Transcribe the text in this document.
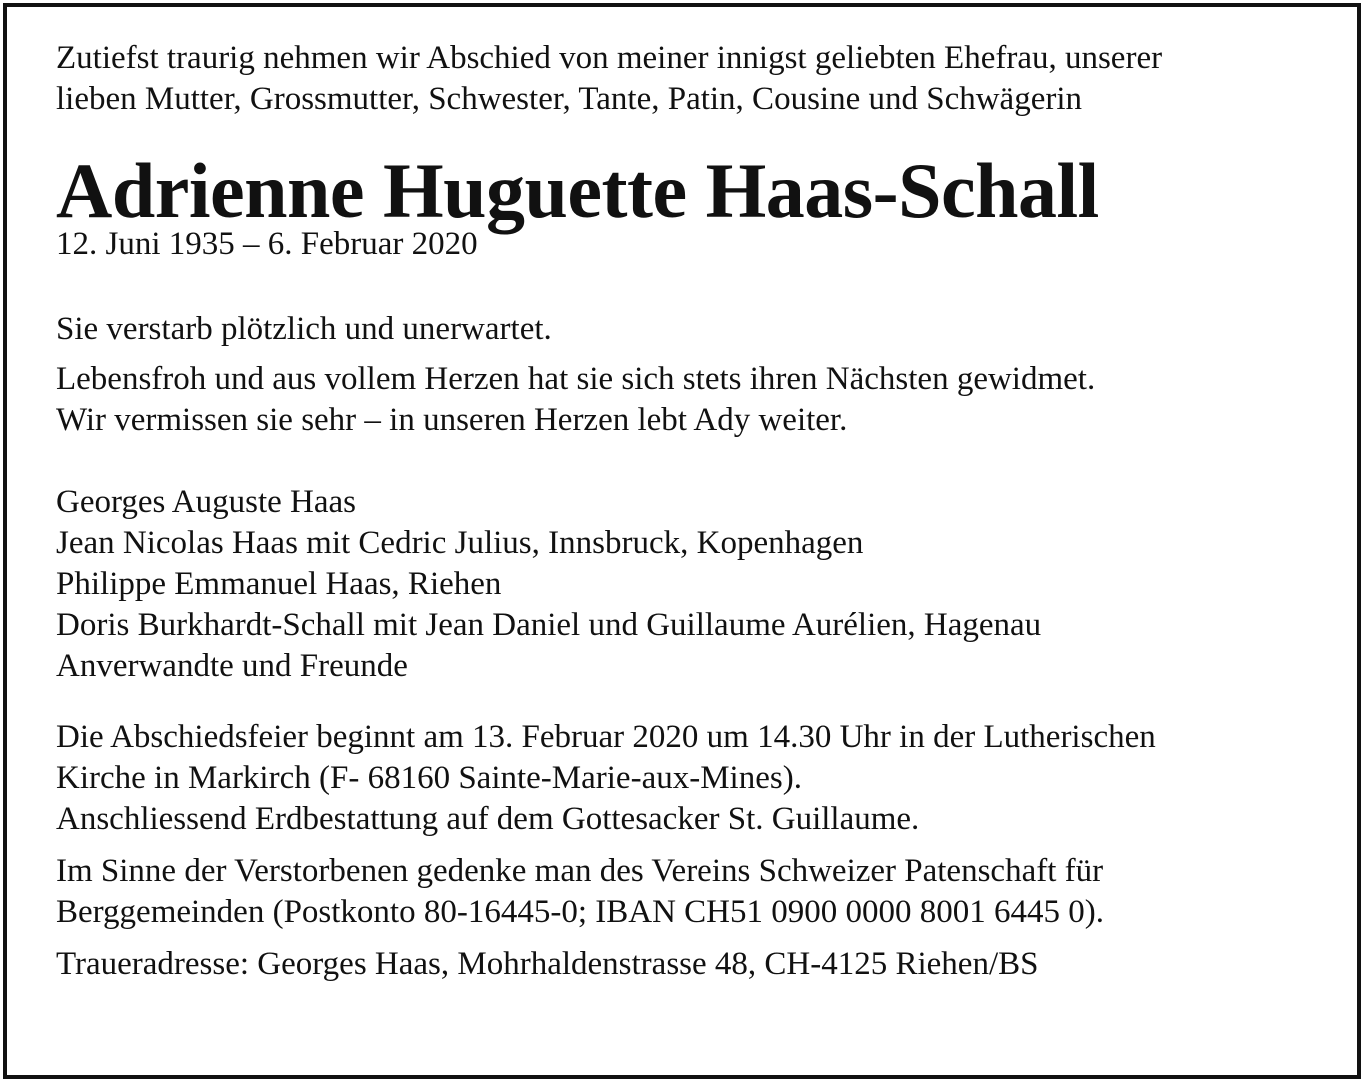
Zutiefst traurig nehmen wir Abschied von meiner innigst geliebten Ehefrau, unserer
lieben Mutter, Grossmutter, Schwester, Tante, Patin, Cousine und Schwägerin

Adrienne Huguette Haas-Schall

12. Juni 1935 – 6. Februar 2020

Sie verstarb plötzlich und unerwartet.

Lebensfroh und aus vollem Herzen hat sie sich stets ihren Nächsten gewidmet.
Wir vermissen sie sehr – in unseren Herzen lebt Ady weiter.

Georges Auguste Haas

Jean Nicolas Haas mit Cedric Julius, Innsbruck, Kopenhagen

Philippe Emmanuel Haas, Riehen

Doris Burkhardt-Schall mit Jean Daniel und Guillaume Aurélien, Hagenau

Anverwandte und Freunde

Die Abschiedsfeier beginnt am 13. Februar 2020 um 14.30 Uhr in der Lutherischen
Kirche in Markirch (F- 68160 Sainte-Marie-aux-Mines).
Anschliessend Erdbestattung auf dem Gottesacker St. Guillaume.

Im Sinne der Verstorbenen gedenke man des Vereins Schweizer Patenschaft für
Berggemeinden (Postkonto 80-16445-0; IBAN CH51 0900 0000 8001 6445 0).

Traueradresse: Georges Haas, Mohrhaldenstrasse 48, CH-4125 Riehen/BS
